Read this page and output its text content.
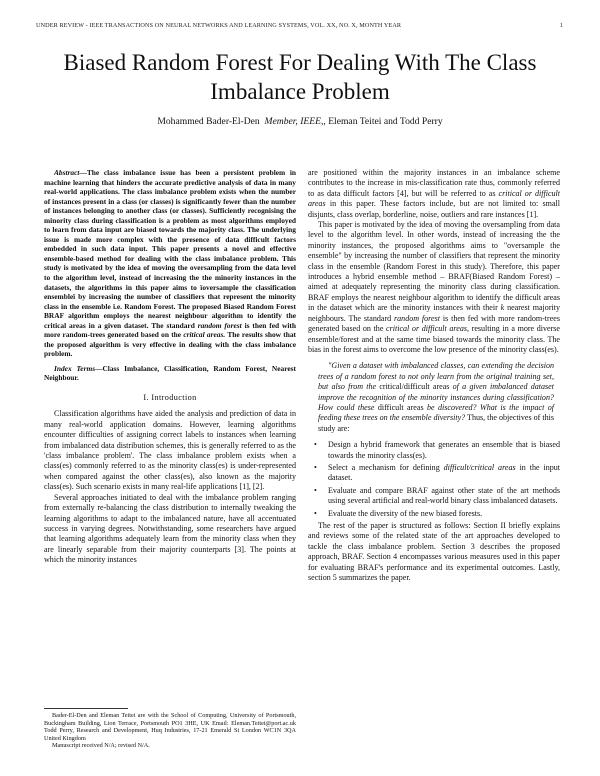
UNDER REVIEW - IEEE TRANSACTIONS ON NEURAL NETWORKS AND LEARNING SYSTEMS, VOL. XX, NO. X, MONTH YEAR	1
Biased Random Forest For Dealing With The Class Imbalance Problem
Mohammed Bader-El-Den Member, IEEE,, Eleman Teitei and Todd Perry

Abstract—The class imbalance issue has been a persistent problem in machine learning that hinders the accurate predictive analysis of data in many real-world applications. The class imbalance problem exists when the number of instances present in a class (or classes) is significantly fewer than the number of instances belonging to another class (or classes). Sufficiently recognising the minority class during classification is a problem as most algorithms employed to learn from data input are biased towards the majority class. The underlying issue is made more complex with the presence of data difficult factors embedded in such data input. This paper presents a novel and effective ensemble-based method for dealing with the class imbalance problem. This study is motivated by the idea of moving the oversampling from the data level to the algorithm level, instead of increasing the the minority instances in the datasets, the algorithms in this paper aims to ïoversample the classification ensembleï by increasing the number of classifiers that represent the minority class in the ensemble i.e. Random Forest. The proposed Biased Random Forest BRAF algorithm employs the nearest neighbour algorithm to identify the critical areas in a given dataset. The standard random forest is then fed with more random-trees generated based on the critical areas. The results show that the proposed algorithm is very effective in dealing with the class imbalance problem.

Index Terms—Class Imbalance, Classification, Random Forest, Nearest Neighbour.

I. Introduction

Classification algorithms have aided the analysis and prediction of data in many real-world application domains. However, learning algorithms encounter difficulties of assigning correct labels to instances when learning from imbalanced data distribution schemes, this is generally referred to as the 'class imbalance problem'. The class imbalance problem exists when a class(es) commonly referred to as the minority class(es) is under-represented when compared against the other class(es), also known as the majority class(es). Such scenario exists in many real-life applications [1], [2].

Several approaches initiated to deal with the imbalance problem ranging from externally re-balancing the class distribution to internally tweaking the learning algorithms to adapt to the imbalanced nature, have all accentuated success in varying degrees. Notwithstanding, some researchers have argued that learning algorithms adequately learn from the minority class when they are linearly separable from their majority counterparts [3]. The points at which the minority instances

are positioned within the majority instances in an imbalance scheme contributes to the increase in mis-classification rate thus, commonly referred to as data difficult factors [4], but will be referred to as critical or difficult areas in this paper. These factors include, but are not limited to: small disjunts, class overlap, borderline, noise, outliers and rare instances [1].

This paper is motivated by the idea of moving the oversampling from data level to the algorithm level. In other words, instead of increasing the the minority instances, the proposed algorithms aims to "oversample the ensemble" by increasing the number of classifiers that represent the minority class in the ensemble (Random Forest in this study). Therefore, this paper introduces a hybrid ensemble method – BRAF(Biased Random Forest) – aimed at adequately representing the minority class during classification. BRAF employs the nearest neighbour algorithm to identify the difficult areas in the dataset which are the minority instances with their k nearest majority neighbours. The standard random forest is then fed with more random-trees generated based on the critical or difficult areas, resulting in a more diverse ensemble/forest and at the same time biased towards the minority class. The bias in the forest aims to overcome the low presence of the minority class(es).

"Given a dataset with imbalanced classes, can extending the decision trees of a random forest to not only learn from the original training set, but also from the critical/difficult areas of a given imbalanced dataset improve the recognition of the minority instances during classification? How could these difficult areas be discovered? What is the impact of feeding these trees on the ensemble diversity? Thus, the objectives of this study are:

• Design a hybrid framework that generates an ensemble that is biased towards the minority class(es).
• Select a mechanism for defining difficult/critical areas in the input dataset.
• Evaluate and compare BRAF against other state of the art methods using several artificial and real-world binary class imbalanced datasets.
• Evaluate the diversity of the new biased forests.

The rest of the paper is structured as follows: Section II briefly explains and reviews some of the related state of the art approaches developed to tackle the class imbalance problem. Section 3 describes the proposed approach, BRAF. Section 4 encompasses various measures used in this paper for evaluating BRAF's performance and its experimental outcomes. Lastly, section 5 summarizes the paper.

Bader-El-Den and Eleman Teitei are with the School of Computing, University of Portsmouth, Buckingham Building, Lion Terrace, Portsmouth PO1 3HE, UK Email: Eleman.Teitei@port.ac.uk Todd Perry, Research and Development, Huq Industries, 17-21 Emerald St London WC1N 3QA United Kingdom

Manuscript received N/A; revised N/A.
